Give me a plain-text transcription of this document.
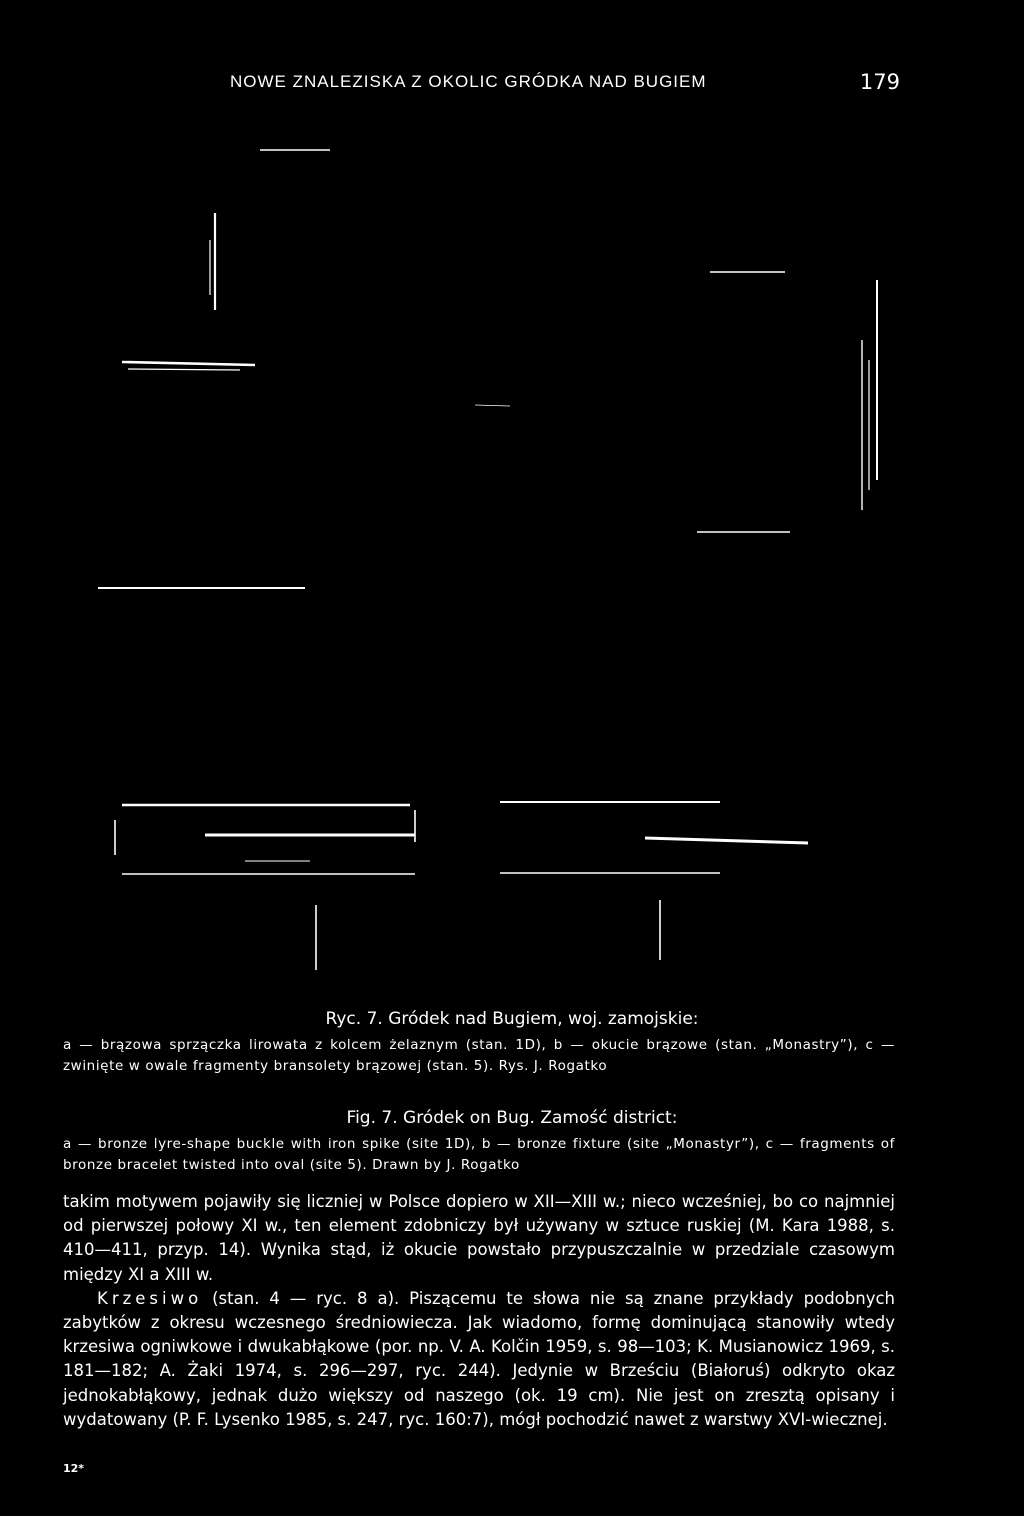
NOWE ZNALEZISKA Z OKOLIC GRÓDKA NAD BUGIEM	179
Ryc. 7. Gródek nad Bugiem, woj. zamojskie:
a — brązowa sprzączka lirowata z kolcem żelaznym (stan. 1D), b — okucie brązowe (stan. „Monastry”), c — zwinięte w owale fragmenty bransolety brązowej (stan. 5). Rys. J. Rogatko
Fig. 7. Gródek on Bug. Zamość district:
a — bronze lyre-shape buckle with iron spike (site 1D), b — bronze fixture (site „Monastyr”), c — fragments of bronze bracelet twisted into oval (site 5). Drawn by J. Rogatko

takim motywem pojawiły się liczniej w Polsce dopiero w XII—XIII w.; nieco wcześniej, bo co najmniej od pierwszej połowy XI w., ten element zdobniczy był używany w sztuce ruskiej (M. Kara 1988, s. 410—411, przyp. 14). Wynika stąd, iż okucie powstało przypuszczalnie w przedziale czasowym między XI a XIII w.

Krzesiwo (stan. 4 — ryc. 8 a). Piszącemu te słowa nie są znane przykłady podobnych zabytków z okresu wczesnego średniowiecza. Jak wiadomo, formę dominującą stanowiły wtedy krzesiwa ogniwkowe i dwukabłąkowe (por. np. V. A. Kolčin 1959, s. 98—103; K. Musianowicz 1969, s. 181—182; A. Żaki 1974, s. 296—297, ryc. 244). Jedynie w Brześciu (Białoruś) odkryto okaz jednokabłąkowy, jednak dużo większy od naszego (ok. 19 cm). Nie jest on zresztą opisany i wydatowany (P. F. Lysenko 1985, s. 247, ryc. 160:7), mógł pochodzić nawet z warstwy XVI-wiecznej.

12*
